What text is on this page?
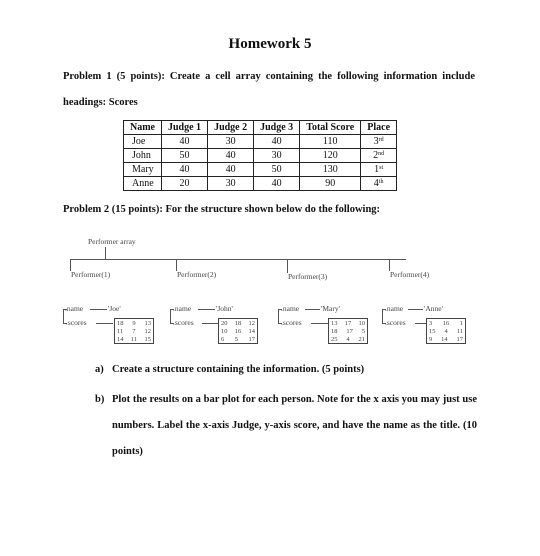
Homework 5
Problem 1 (5 points): Create a cell array containing the following information include
headings: Scores
Name	Judge 1	Judge 2	Judge 3	Total Score	Place
Joe	40	30	40	110	3rd
John	50	40	30	120	2nd
Mary	40	40	50	130	1st
Anne	20	30	40	90	4th
Problem 2 (15 points): For the structure shown below do the following:
Performer array
Performer(1)
.name	'Joe'
.scores	18 9 13
11 7 12
14 11 15
Performer(2)
.name	'John'
.scores	20 18 12
10 16 14
6 5 17
Performer(3)
.name	'Mary'
.scores	13 17 10
18 17 5
25 4 21
Performer(4)
.name	'Anne'
.scores	3 16 1
15 4 11
9 14 17
a) Create a structure containing the information. (5 points)
b) Plot the results on a bar plot for each person. Note for the x axis you may just use numbers. Label the x-axis Judge, y-axis score, and have the name as the title. (10 points)
